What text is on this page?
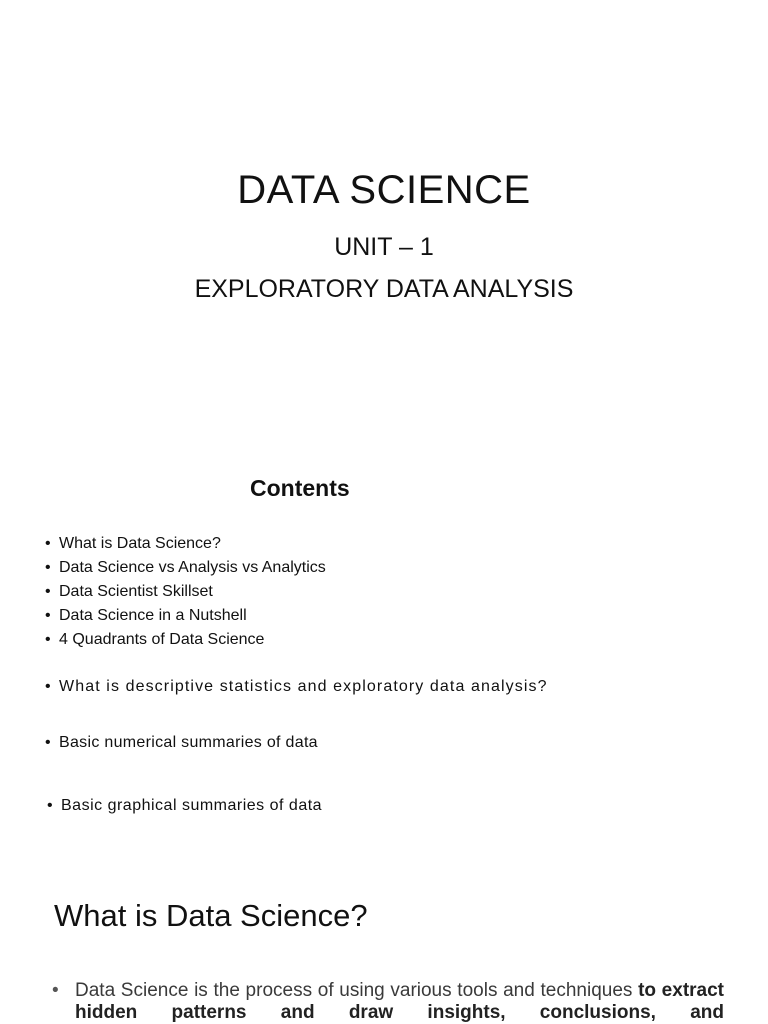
DATA SCIENCE
UNIT – 1
EXPLORATORY DATA ANALYSIS
Contents
• What is Data Science?
• Data Science vs Analysis vs Analytics
• Data Scientist Skillset
• Data Science in a Nutshell
• 4 Quadrants of Data Science
• What is descriptive statistics and exploratory data analysis?
• Basic numerical summaries of data
• Basic graphical summaries of data
What is Data Science?
• Data Science is the process of using various tools and techniques to extract hidden patterns and draw insights, conclusions, and
